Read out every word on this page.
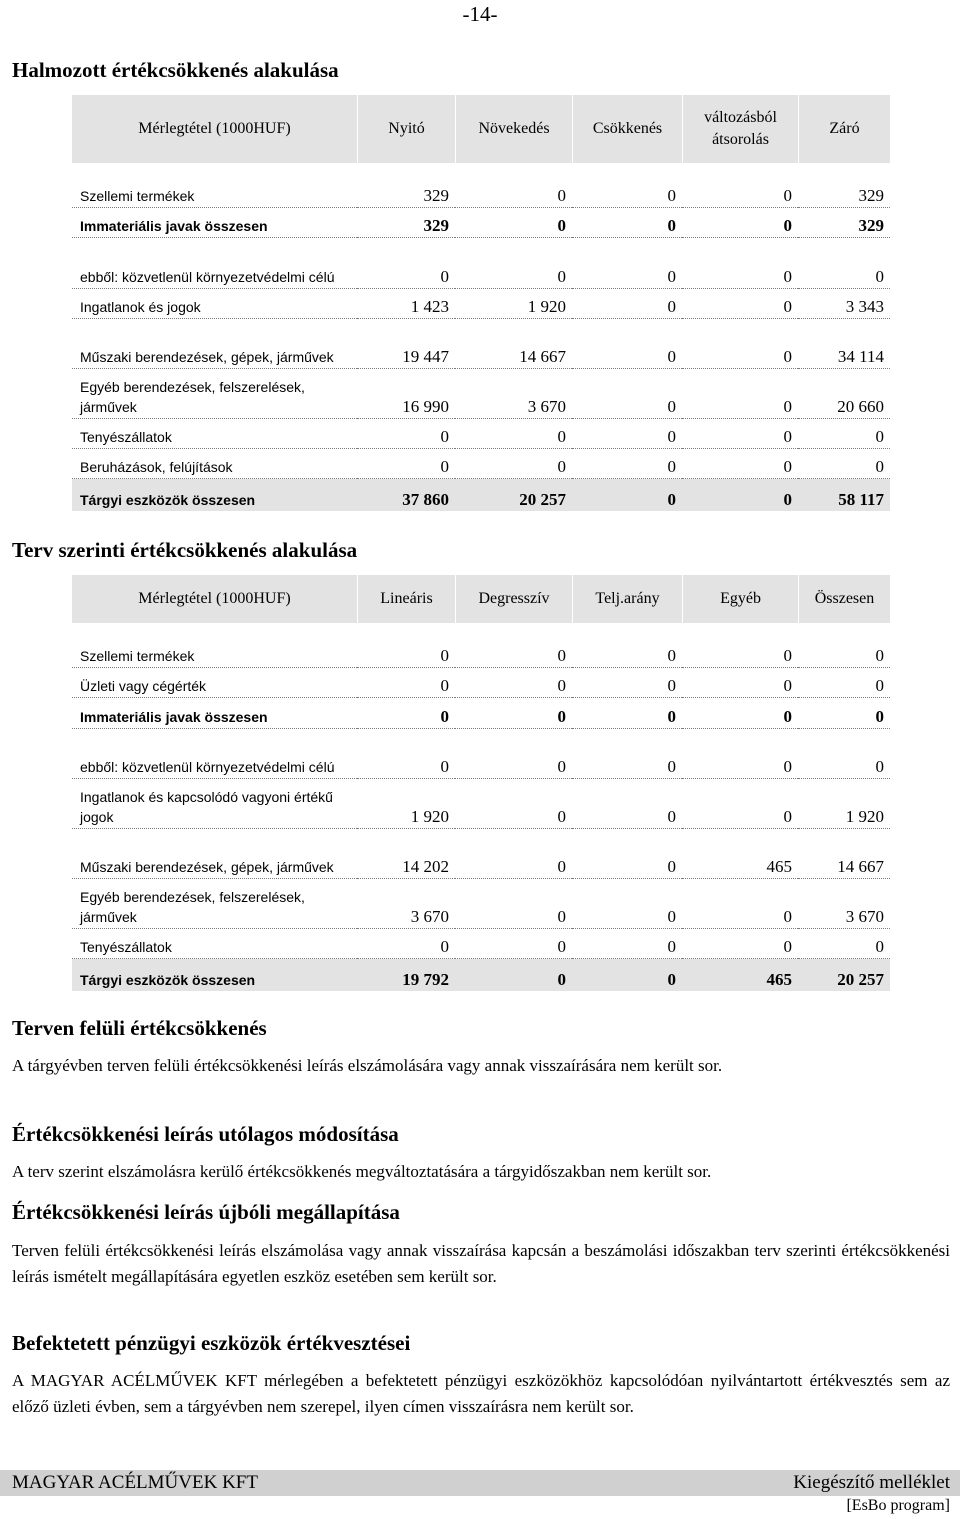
-14-
Halmozott értékcsökkenés alakulása
Mérlegtétel (1000HUF)	Nyitó	Növekedés	Csökkenés	változásból átsorolás	Záró

Szellemi termékek	329	0	0	0	329
Immateriális javak összesen	329	0	0	0	329
ebből: közvetlenül környezetvédelmi célú	0	0	0	0	0
Ingatlanok és jogok	1 423	1 920	0	0	3 343
Műszaki berendezések, gépek, járművek	19 447	14 667	0	0	34 114
Egyéb berendezések, felszerelések, járművek	16 990	3 670	0	0	20 660
Tenyészállatok	0	0	0	0	0
Beruházások, felújítások	0	0	0	0	0
Tárgyi eszközök összesen	37 860	20 257	0	0	58 117
Terv szerinti értékcsökkenés alakulása
Mérlegtétel (1000HUF)	Lineáris	Degresszív	Telj.arány	Egyéb	Összesen

Szellemi termékek	0	0	0	0	0
Üzleti vagy cégérték	0	0	0	0	0
Immateriális javak összesen	0	0	0	0	0
ebből: közvetlenül környezetvédelmi célú	0	0	0	0	0
Ingatlanok és kapcsolódó vagyoni értékű jogok	1 920	0	0	0	1 920
Műszaki berendezések, gépek, járművek	14 202	0	0	465	14 667
Egyéb berendezések, felszerelések, járművek	3 670	0	0	0	3 670
Tenyészállatok	0	0	0	0	0
Tárgyi eszközök összesen	19 792	0	0	465	20 257
Terven felüli értékcsökkenés

A tárgyévben terven felüli értékcsökkenési leírás elszámolására vagy annak visszaírására nem került sor.

Értékcsökkenési leírás utólagos módosítása

A terv szerint elszámolásra kerülő értékcsökkenés megváltoztatására a tárgyidőszakban nem került sor.

Értékcsökkenési leírás újbóli megállapítása

Terven felüli értékcsökkenési leírás elszámolása vagy annak visszaírása kapcsán a beszámolási időszakban terv szerinti értékcsökkenési leírás ismételt megállapítására egyetlen eszköz esetében sem került sor.

Befektetett pénzügyi eszközök értékvesztései

A MAGYAR ACÉLMŰVEK KFT mérlegében a befektetett pénzügyi eszközökhöz kapcsolódóan nyilvántartott értékvesztés sem az előző üzleti évben, sem a tárgyévben nem szerepel, ilyen címen visszaírásra nem került sor.

MAGYAR ACÉLMŰVEK KFT	Kiegészítő melléklet
[EsBo program]
